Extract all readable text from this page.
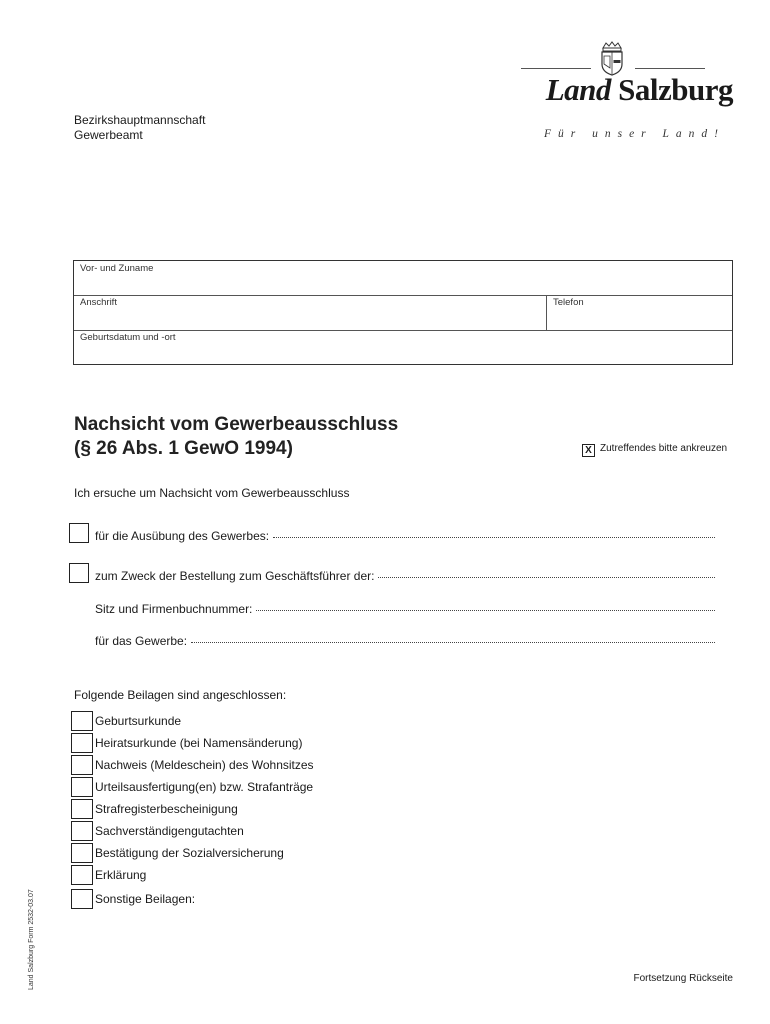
Bezirkshauptmannschaft
Gewerbeamt
Land Salzburg
Für unser Land!
Vor- und Zuname
Anschrift	Telefon
Geburtsdatum und -ort
Nachsicht vom Gewerbeausschluss
(§ 26 Abs. 1 GewO 1994)	X Zutreffendes bitte ankreuzen
Ich ersuche um Nachsicht vom Gewerbeausschluss
für die Ausübung des Gewerbes:
zum Zweck der Bestellung zum Geschäftsführer der:
Sitz und Firmenbuchnummer:
für das Gewerbe:
Folgende Beilagen sind angeschlossen:
Geburtsurkunde
Heiratsurkunde (bei Namensänderung)
Nachweis (Meldeschein) des Wohnsitzes
Urteilsausfertigung(en) bzw. Strafanträge
Strafregisterbescheinigung
Sachverständigengutachten
Bestätigung der Sozialversicherung
Erklärung
Sonstige Beilagen:
Land Salzburg Form 2532-03.07	Fortsetzung Rückseite
